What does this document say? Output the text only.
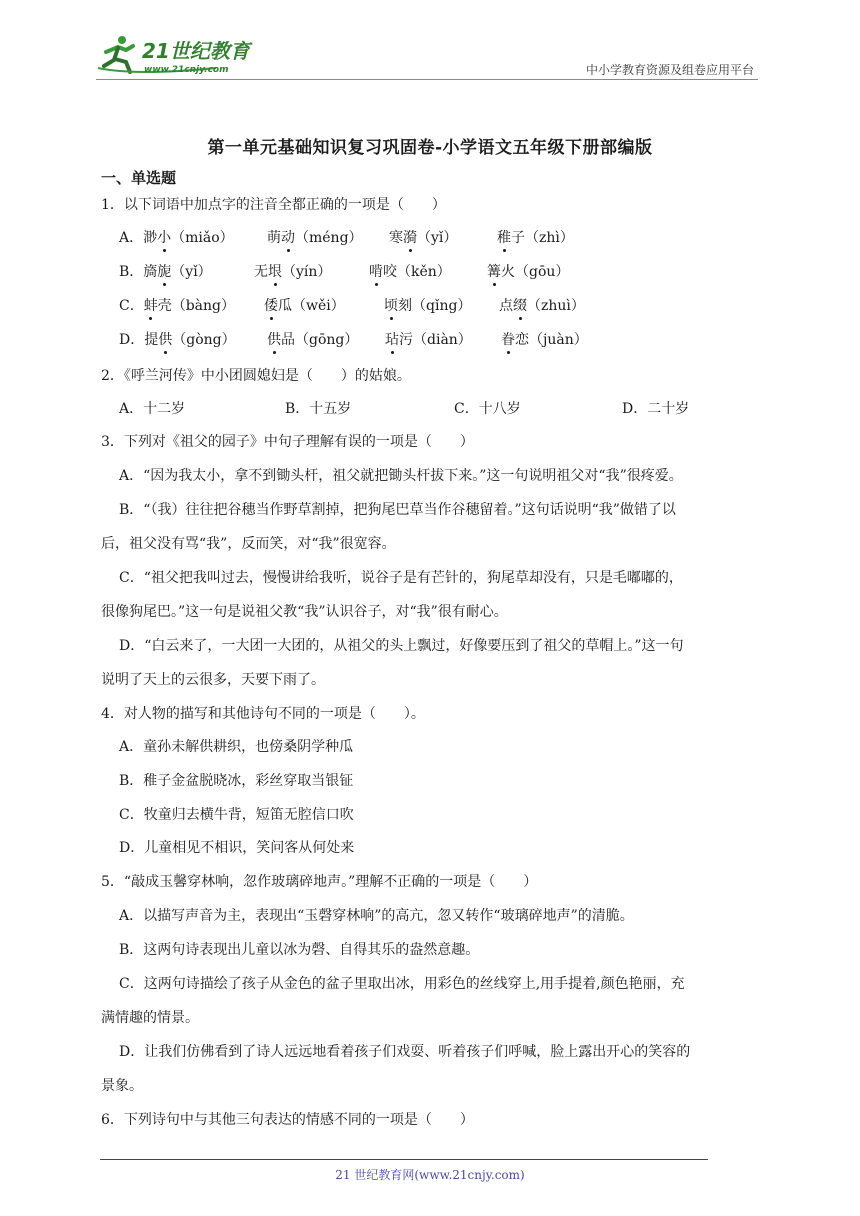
21世纪教育
www.21cnjy.com	中小学教育资源及组卷应用平台
第一单元基础知识复习巩固卷-小学语文五年级下册部编版
一、单选题
1．以下词语中加点字的注音全都正确的一项是（　　）
A．渺小（miǎo） 萌动（méng） 寒漪（yǐ）	稚子（zhì）
B．旖旎（yǐ）	无垠（yín）	啃咬（kěn）	篝火（gōu）
C．蚌壳（bàng） 倭瓜（wěi）	顷刻（qǐng） 点缀（zhuì）
D．提供（gòng） 供品（gōng） 玷污（diàn） 眷恋（juàn）
2．《呼兰河传》中小团圆媳妇是（　　）的姑娘。
A．十二岁	B．十五岁	C．十八岁	D．二十岁
3．下列对《祖父的园子》中句子理解有误的一项是（　　）
A．“因为我太小，拿不到锄头杆，祖父就把锄头杆拔下来。”这一句说明祖父对“我”很疼爱。
B．“（我）往往把谷穗当作野草割掉，把狗尾巴草当作谷穗留着。”这句话说明“我”做错了以
后，祖父没有骂“我”，反而笑，对“我”很宽容。
C．“祖父把我叫过去，慢慢讲给我听，说谷子是有芒针的，狗尾草却没有，只是毛嘟嘟的，
很像狗尾巴。”这一句是说祖父教“我”认识谷子，对“我”很有耐心。
D．“白云来了，一大团一大团的，从祖父的头上飘过，好像要压到了祖父的草帽上。”这一句
说明了天上的云很多，天要下雨了。
4．对人物的描写和其他诗句不同的一项是（　　）。
A．童孙未解供耕织，也傍桑阴学种瓜
B．稚子金盆脱晓冰，彩丝穿取当银钲
C．牧童归去横牛背，短笛无腔信口吹
D．儿童相见不相识，笑问客从何处来
5．“敲成玉馨穿林响，忽作玻璃碎地声。”理解不正确的一项是（　　）
A．以描写声音为主，表现出“玉磬穿林响”的高亢，忽又转作“玻璃碎地声”的清脆。
B．这两句诗表现出儿童以冰为磬、自得其乐的盎然意趣。
C．这两句诗描绘了孩子从金色的盆子里取出冰，用彩色的丝线穿上,用手提着,颜色艳丽，充
满情趣的情景。
D．让我们仿佛看到了诗人远远地看着孩子们戏耍、听着孩子们呼喊，脸上露出开心的笑容的
景象。
6．下列诗句中与其他三句表达的情感不同的一项是（　　）
21 世纪教育网(www.21cnjy.com)
